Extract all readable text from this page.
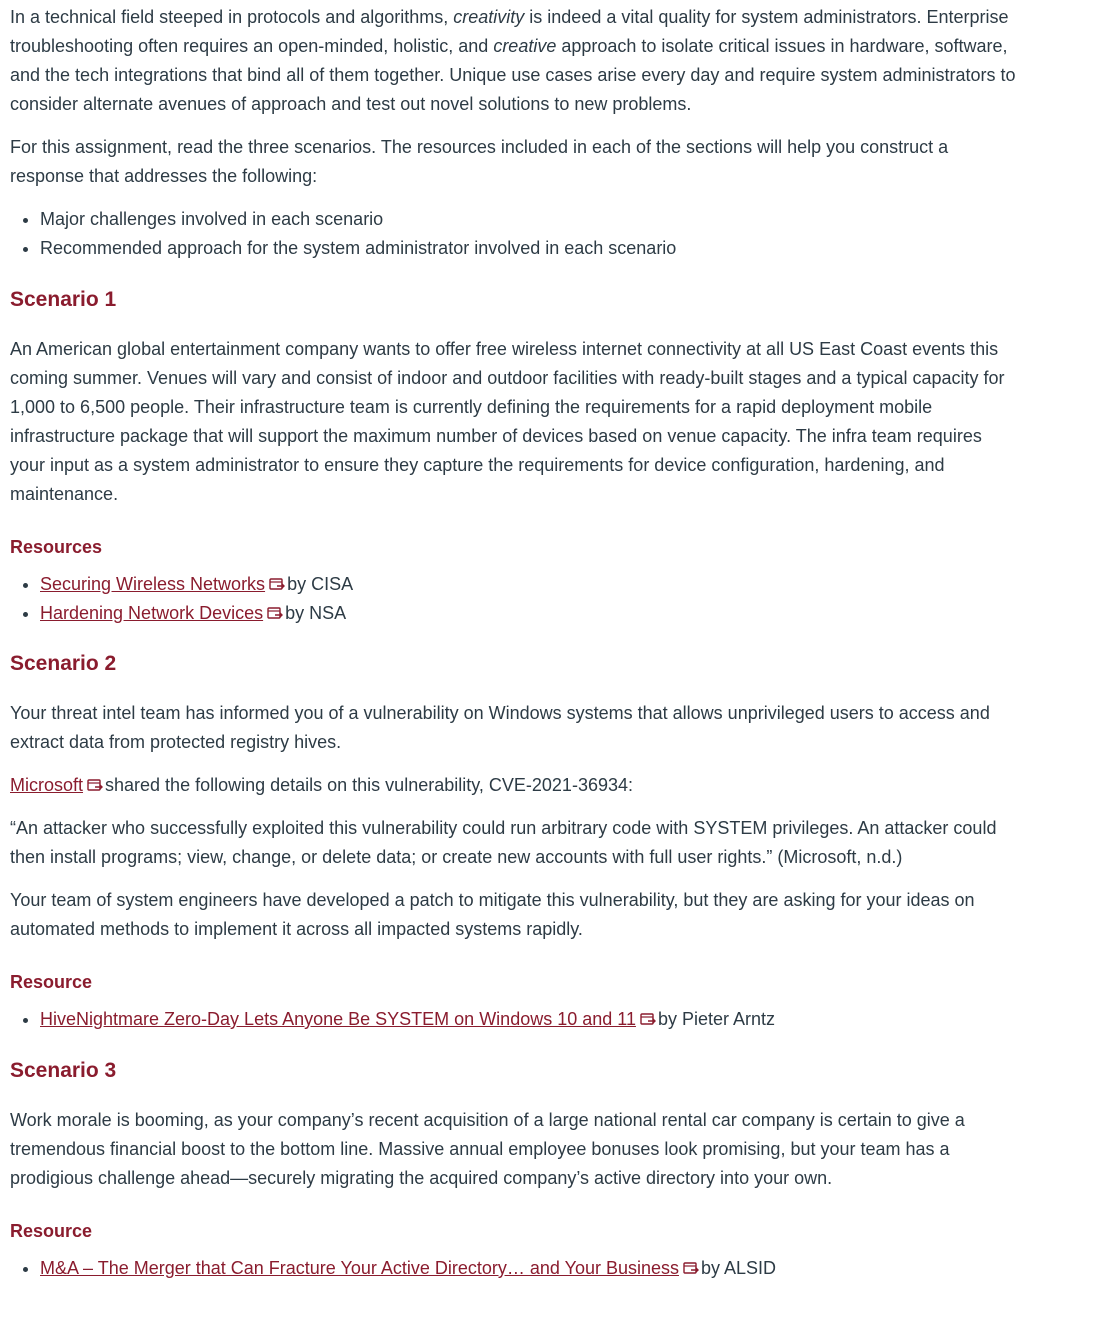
In a technical field steeped in protocols and algorithms, creativity is indeed a vital quality for system administrators. Enterprise troubleshooting often requires an open-minded, holistic, and creative approach to isolate critical issues in hardware, software, and the tech integrations that bind all of them together. Unique use cases arise every day and require system administrators to consider alternate avenues of approach and test out novel solutions to new problems.

For this assignment, read the three scenarios. The resources included in each of the sections will help you construct a response that addresses the following:

• Major challenges involved in each scenario
• Recommended approach for the system administrator involved in each scenario
Scenario 1

An American global entertainment company wants to offer free wireless internet connectivity at all US East Coast events this coming summer. Venues will vary and consist of indoor and outdoor facilities with ready-built stages and a typical capacity for 1,000 to 6,500 people. Their infrastructure team is currently defining the requirements for a rapid deployment mobile infrastructure package that will support the maximum number of devices based on venue capacity. The infra team requires your input as a system administrator to ensure they capture the requirements for device configuration, hardening, and maintenance.

Resources
• Securing Wireless Networks by CISA
• Hardening Network Devices by NSA
Scenario 2

Your threat intel team has informed you of a vulnerability on Windows systems that allows unprivileged users to access and extract data from protected registry hives.

Microsoft shared the following details on this vulnerability, CVE-2021-36934:

“An attacker who successfully exploited this vulnerability could run arbitrary code with SYSTEM privileges. An attacker could then install programs; view, change, or delete data; or create new accounts with full user rights.” (Microsoft, n.d.)

Your team of system engineers have developed a patch to mitigate this vulnerability, but they are asking for your ideas on automated methods to implement it across all impacted systems rapidly.

Resource
• HiveNightmare Zero-Day Lets Anyone Be SYSTEM on Windows 10 and 11 by Pieter Arntz
Scenario 3

Work morale is booming, as your company’s recent acquisition of a large national rental car company is certain to give a tremendous financial boost to the bottom line. Massive annual employee bonuses look promising, but your team has a prodigious challenge ahead—securely migrating the acquired company’s active directory into your own.

Resource
• M&A – The Merger that Can Fracture Your Active Directory… and Your Business by ALSID
